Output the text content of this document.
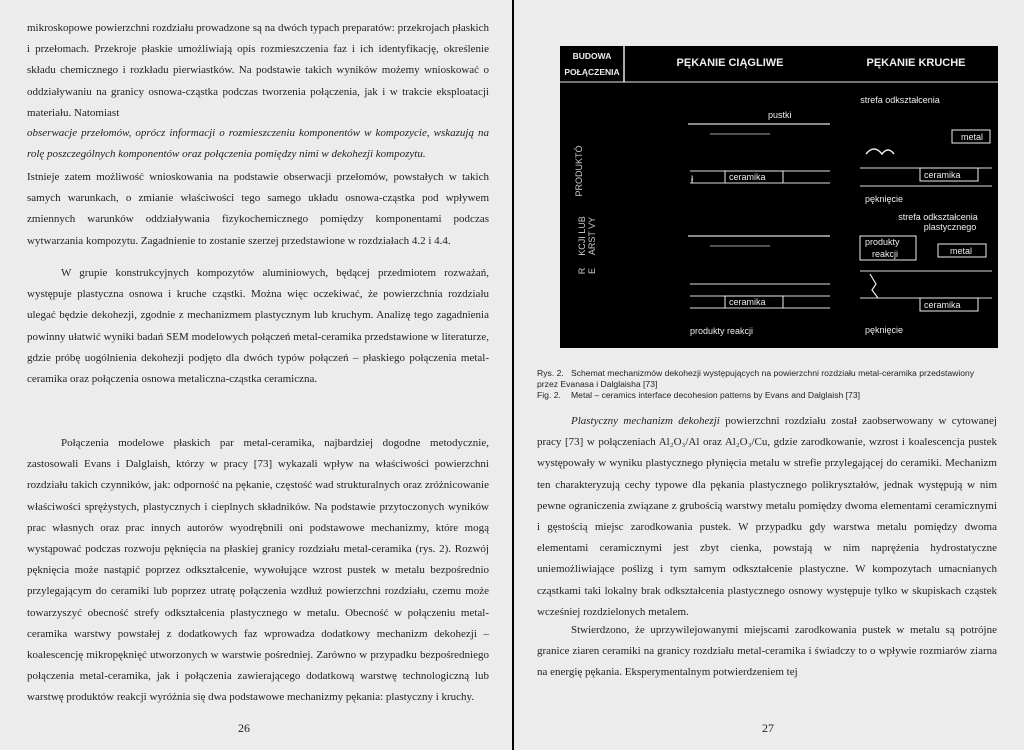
mikroskopowe powierzchni rozdziału prowadzone są na dwóch typach preparatów: przekrojach płaskich i przełomach. Przekroje płaskie umożliwiają opis rozmieszczenia faz i ich identyfikację, określenie składu chemicznego i rozkładu pierwiastków. Na podstawie takich wyników możemy wnioskować o oddziaływaniu na granicy osnowa-cząstka podczas tworzenia połączenia, jak i w trakcie eksploatacji materiału. Natomiast

obserwacje przełomów, oprócz informacji o rozmieszczeniu komponentów w kompozycie, wskazują na rolę poszczególnych komponentów oraz połączenia pomiędzy nimi w dekohezji kompozytu.

Istnieje zatem możliwość wnioskowania na podstawie obserwacji przełomów, powstałych w takich samych warunkach, o zmianie właściwości tego samego układu osnowa-cząstka pod wpływem zmiennych warunków oddziaływania fizykochemicznego pomiędzy komponentami podczas wytwarzania kompozytu. Zagadnienie to zostanie szerzej przedstawione w rozdziałach 4.2 i 4.4.

W grupie konstrukcyjnych kompozytów aluminiowych, będącej przedmiotem rozważań, występuje plastyczna osnowa i kruche cząstki. Można więc oczekiwać, że powierzchnia rozdziału ulegać będzie dekohezji, zgodnie z mechanizmem plastycznym lub kruchym. Analizę tego zagadnienia powinny ułatwić wyniki badań SEM modelowych połączeń metal-ceramika przedstawione w literaturze, gdzie próbę uogólnienia dekohezji podjęto dla dwóch typów połączeń – płaskiego połączenia metal-ceramika oraz połączenia osnowa metaliczna-cząstka ceramiczna.

Połączenia modelowe płaskich par metal-ceramika, najbardziej dogodne metodycznie, zastosowali Evans i Dalglaish, którzy w pracy [73] wykazali wpływ na właściwości powierzchni rozdziału takich czynników, jak: odporność na pękanie, częstość wad strukturalnych oraz zróżnicowanie właściwości sprężystych, plastycznych i cieplnych składników. Na podstawie przytoczonych wyników prac własnych oraz prac innych autorów wyodrębnili oni podstawowe mechanizmy, które mogą wystąpować podczas rozwoju pęknięcia na płaskiej granicy rozdziału metal-ceramika (rys. 2). Rozwój pęknięcia może nastąpić poprzez odkształcenie, wywołujące wzrost pustek w metalu bezpośrednio przylegającym do ceramiki lub poprzez utratę połączenia wzdłuż powierzchni rozdziału, czemu może towarzyszyć obecność strefy odkształcenia plastycznego w metalu. Obecność w połączeniu metal-ceramika warstwy powstałej z dodatkowych faz wprowadza dodatkowy mechanizm dekohezji – koalescencję mikropęknięć utworzonych w warstwie pośredniej. Zarówno w przypadku bezpośredniego połączenia metal-ceramika, jak i połączenia zawierającego dodatkową warstwę technologiczną lub warstwę produktów reakcji wyróżnia się dwa podstawowe mechanizmy pękania: plastyczny i kruchy.

26
BUDOWA
POŁĄCZENIA
PĘKANIE CIĄGLIWE	PĘKANIE KRUCHE
PRODUKTÓ
R E
KCJI LUB ARST VY
pustki
ceramika
ł
ceramika
produkty reakcji
strefa odkształcenia
metal
ceramika
pęknięcie
strefa odkształcenia
plastycznego
produkty
reakcji	metal
ceramika
pęknięcie
Rys. 2. Schemat mechanizmów dekohezji występujących na powierzchni rozdziału metal-ceramika przedstawiony przez Evanasa i Dalglaisha [73]
Fig. 2. Metal – ceramics interface decohesion patterns by Evans and Dalglaish [73]

Plastyczny mechanizm dekohezji powierzchni rozdziału został zaobserwowany w cytowanej pracy [73] w połączeniach Al₂O₃/Al oraz Al₂O₃/Cu, gdzie zarodkowanie, wzrost i koalescencja pustek występowały w wyniku plastycznego płynięcia metalu w strefie przylegającej do ceramiki. Mechanizm ten charakteryzują cechy typowe dla pękania plastycznego polikryształów, jednak występują w nim pewne ograniczenia związane z grubością warstwy metalu pomiędzy dwoma elementami ceramicznymi i gęstością miejsc zarodkowania pustek. W przypadku gdy warstwa metalu pomiędzy dwoma elementami ceramicznymi jest zbyt cienka, powstają w nim naprężenia hydrostatyczne uniemożliwiające poślizg i tym samym odkształcenie plastyczne. W kompozytach umacnianych cząstkami taki lokalny brak odkształcenia plastycznego osnowy występuje tylko w skupiskach cząstek wcześniej rozdzielonych metalem.

Stwierdzono, że uprzywilejowanymi miejscami zarodkowania pustek w metalu są potrójne granice ziaren ceramiki na granicy rozdziału metal-ceramika i świadczy to o wpływie rozmiarów ziarna na energię pękania. Eksperymentalnym potwierdzeniem tej

27
